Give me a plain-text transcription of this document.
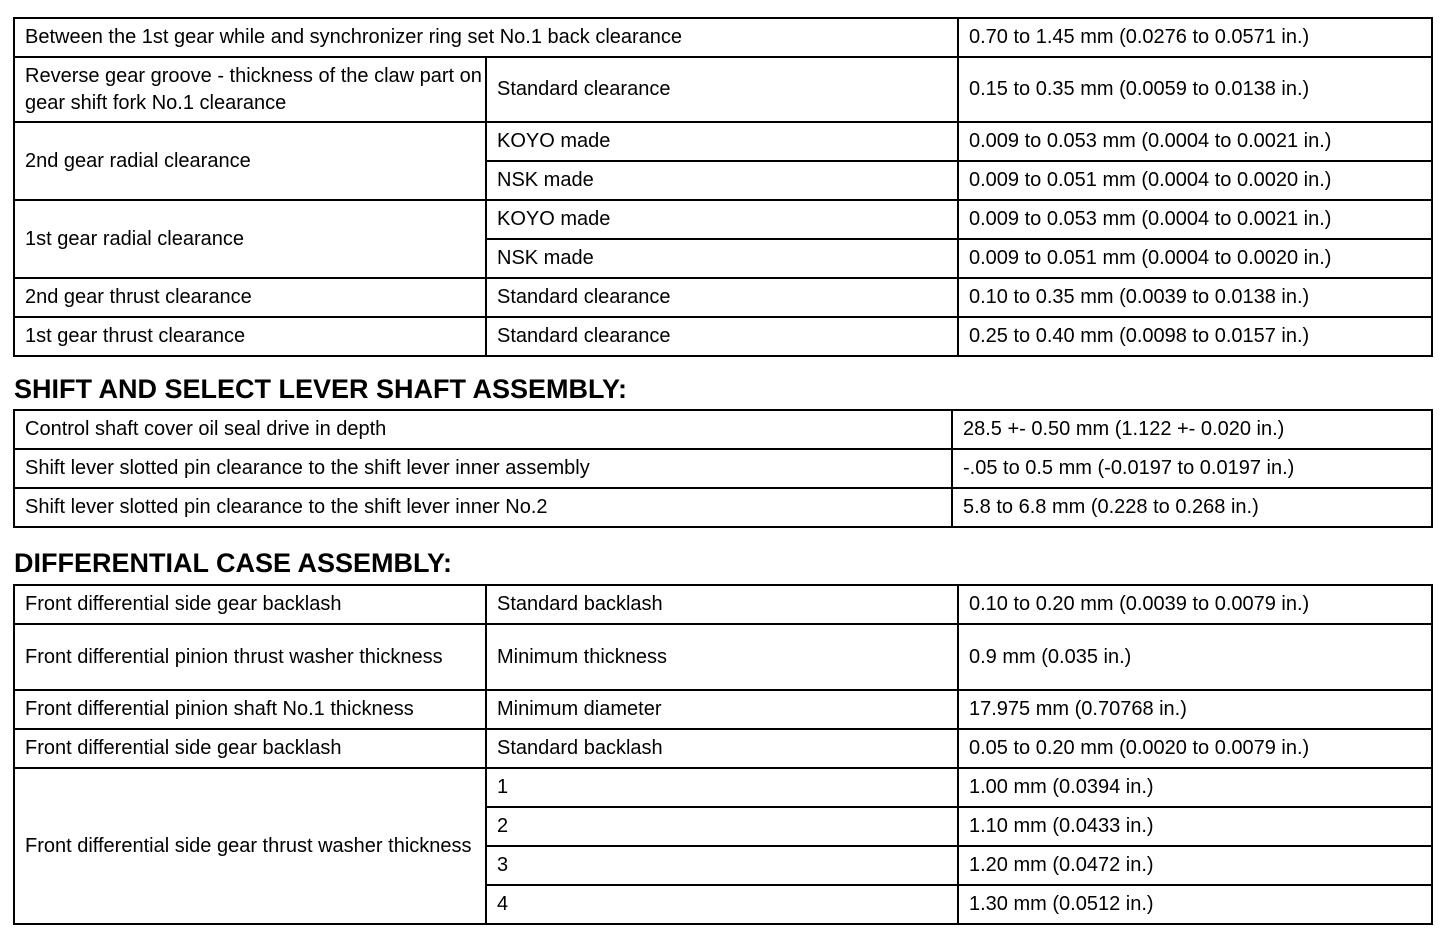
Between the 1st gear while and synchronizer ring set No.1 back clearance		0.70 to 1.45 mm (0.0276 to 0.0571 in.)
Reverse gear groove - thickness of the claw part on gear shift fork No.1 clearance	Standard clearance	0.15 to 0.35 mm (0.0059 to 0.0138 in.)
2nd gear radial clearance	KOYO made	0.009 to 0.053 mm (0.0004 to 0.0021 in.)
	NSK made	0.009 to 0.051 mm (0.0004 to 0.0020 in.)
1st gear radial clearance	KOYO made	0.009 to 0.053 mm (0.0004 to 0.0021 in.)
	NSK made	0.009 to 0.051 mm (0.0004 to 0.0020 in.)
2nd gear thrust clearance	Standard clearance	0.10 to 0.35 mm (0.0039 to 0.0138 in.)
1st gear thrust clearance	Standard clearance	0.25 to 0.40 mm (0.0098 to 0.0157 in.)
SHIFT AND SELECT LEVER SHAFT ASSEMBLY:
Control shaft cover oil seal drive in depth	28.5 +- 0.50 mm (1.122 +- 0.020 in.)
Shift lever slotted pin clearance to the shift lever inner assembly	-.05 to 0.5 mm (-0.0197 to 0.0197 in.)
Shift lever slotted pin clearance to the shift lever inner No.2	5.8 to 6.8 mm (0.228 to 0.268 in.)
DIFFERENTIAL CASE ASSEMBLY:
Front differential side gear backlash	Standard backlash	0.10 to 0.20 mm (0.0039 to 0.0079 in.)
Front differential pinion thrust washer thickness	Minimum thickness	0.9 mm (0.035 in.)
Front differential pinion shaft No.1 thickness	Minimum diameter	17.975 mm (0.70768 in.)
Front differential side gear backlash	Standard backlash	0.05 to 0.20 mm (0.0020 to 0.0079 in.)
Front differential side gear thrust washer thickness	1	1.00 mm (0.0394 in.)
	2	1.10 mm (0.0433 in.)
	3	1.20 mm (0.0472 in.)
	4	1.30 mm (0.0512 in.)
